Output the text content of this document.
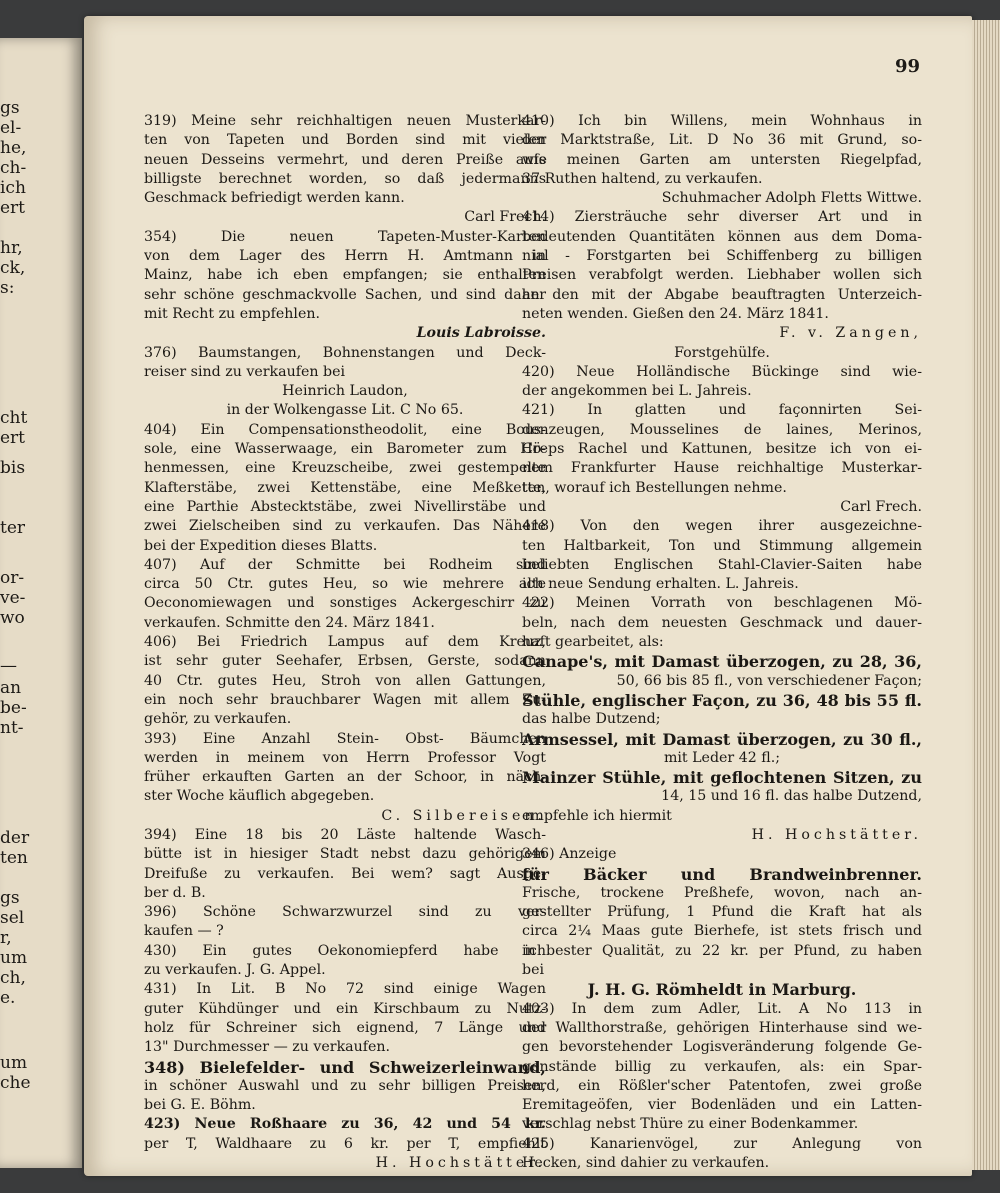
gs
el-
he,
ch-
ich
ert
hr,
ck,
s:
cht
ert
bis
ter
or-
ve-
wo
—
an
be-
nt-
der
ten
gs
sel
r,
um
ch,
e.
um
che
99
319) Meine sehr reichhaltigen neuen Musterkar-
ten von Tapeten und Borden sind mit vielen
neuen Desseins vermehrt, und deren Preiße aufs
billigste berechnet worden, so daß jedermanns
Geschmack befriedigt werden kann.
Carl Frech.
354) Die neuen Tapeten-Muster-Karten
von dem Lager des Herrn H. Amtmann in
Mainz, habe ich eben empfangen; sie enthalten
sehr schöne geschmackvolle Sachen, und sind daher
mit Recht zu empfehlen.
Louis Labroisse.
376) Baumstangen, Bohnenstangen und Deck-
reiser sind zu verkaufen bei
Heinrich Laudon,
in der Wolkengasse Lit. C No 65.
404) Ein Compensationstheodolit, eine Bous-
sole, eine Wasserwaage, ein Barometer zum Hö-
henmessen, eine Kreuzscheibe, zwei gestempelte
Klafterstäbe, zwei Kettenstäbe, eine Meßkette,
eine Parthie Abstecktstäbe, zwei Nivellirstäbe und
zwei Zielscheiben sind zu verkaufen. Das Nähere
bei der Expedition dieses Blatts.
407) Auf der Schmitte bei Rodheim sind
circa 50 Ctr. gutes Heu, so wie mehrere alte
Oeconomiewagen und sonstiges Ackergeschirr zu
verkaufen. Schmitte den 24. März 1841.
406) Bei Friedrich Lampus auf dem Kreuz,
ist sehr guter Seehafer, Erbsen, Gerste, sodann
40 Ctr. gutes Heu, Stroh von allen Gattungen,
ein noch sehr brauchbarer Wagen mit allem Zu-
gehör, zu verkaufen.
393) Eine Anzahl Stein- Obst- Bäumchen
werden in meinem von Herrn Professor Vogt
früher erkauften Garten an der Schoor, in näch-
ster Woche käuflich abgegeben.
C. Silbereisen.
394) Eine 18 bis 20 Läste haltende Wasch-
bütte ist in hiesiger Stadt nebst dazu gehörigem
Dreifuße zu verkaufen. Bei wem? sagt Ausge-
ber d. B.
396) Schöne Schwarzwurzel sind zu ver-
kaufen — ?
430) Ein gutes Oekonomiepferd habe ich
zu verkaufen. J. G. Appel.
431) In Lit. B No 72 sind einige Wagen
guter Kühdünger und ein Kirschbaum zu Nutz-
holz für Schreiner sich eignend, 7 Länge und
13" Durchmesser — zu verkaufen.
348) Bielefelder- und Schweizerleinwand,
in schöner Auswahl und zu sehr billigen Preisen,
bei G. E. Böhm.
423) Neue Roßhaare zu 36, 42 und 54 kr.
per T, Waldhaare zu 6 kr. per T, empfiehlt
H. Hochstätter.
410) Ich bin Willens, mein Wohnhaus in
der Marktstraße, Lit. D No 36 mit Grund, so-
wie meinen Garten am untersten Riegelpfad,
37 Ruthen haltend, zu verkaufen.
Schuhmacher Adolph Fletts Wittwe.
414) Ziersträuche sehr diverser Art und in
bedeutenden Quantitäten können aus dem Doma-
nial - Forstgarten bei Schiffenberg zu billigen
Preisen verabfolgt werden. Liebhaber wollen sich
an den mit der Abgabe beauftragten Unterzeich-
neten wenden. Gießen den 24. März 1841.
F. v. Zangen,
Forstgehülfe.
420) Neue Holländische Bückinge sind wie-
der angekommen bei L. Jahreis.
421) In glatten und façonnirten Sei-
denzeugen, Mousselines de laines, Merinos,
Creps Rachel und Kattunen, besitze ich von ei-
nem Frankfurter Hause reichhaltige Musterkar-
ten, worauf ich Bestellungen nehme.
Carl Frech.
418) Von den wegen ihrer ausgezeichne-
ten Haltbarkeit, Ton und Stimmung allgemein
beliebten Englischen Stahl-Clavier-Saiten habe
ich neue Sendung erhalten. L. Jahreis.
422) Meinen Vorrath von beschlagenen Mö-
beln, nach dem neuesten Geschmack und dauer-
haft gearbeitet, als:
Canape's, mit Damast überzogen, zu 28, 36,
50, 66 bis 85 fl., von verschiedener Façon;
Stühle, englischer Façon, zu 36, 48 bis 55 fl.
das halbe Dutzend;
Armsessel, mit Damast überzogen, zu 30 fl.,
mit Leder 42 fl.;
Mainzer Stühle, mit geflochtenen Sitzen, zu
14, 15 und 16 fl. das halbe Dutzend,
empfehle ich hiermit
H. Hochstätter.
346) Anzeige
für Bäcker und Brandweinbrenner.
Frische, trockene Preßhefe, wovon, nach an-
gestellter Prüfung, 1 Pfund die Kraft hat als
circa 2¼ Maas gute Bierhefe, ist stets frisch und
in bester Qualität, zu 22 kr. per Pfund, zu haben
bei
J. H. G. Römheldt in Marburg.
403) In dem zum Adler, Lit. A No 113 in
der Wallthorstraße, gehörigen Hinterhause sind we-
gen bevorstehender Logisveränderung folgende Ge-
genstände billig zu verkaufen, als: ein Spar-
herd, ein Rößler'scher Patentofen, zwei große
Eremitageöfen, vier Bodenläden und ein Latten-
verschlag nebst Thüre zu einer Bodenkammer.
425) Kanarienvögel, zur Anlegung von
Hecken, sind dahier zu verkaufen.
